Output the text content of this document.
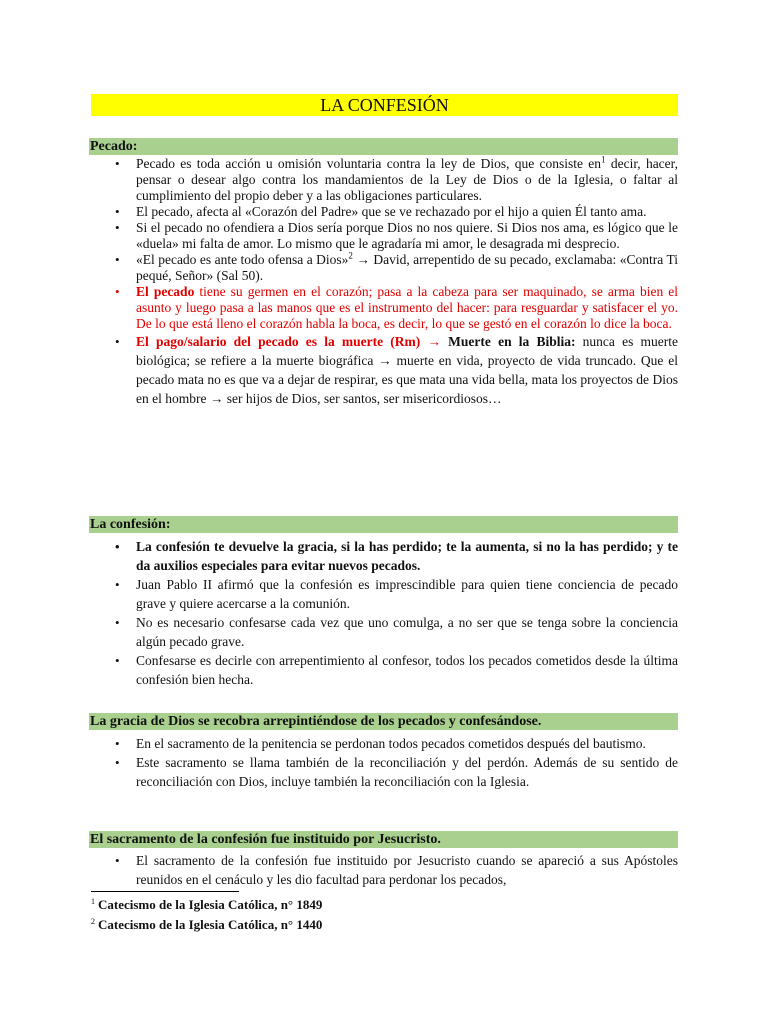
LA CONFESIÓN
Pecado:
• Pecado es toda acción u omisión voluntaria contra la ley de Dios, que consiste $en^1$ decir, hacer, pensar o desear algo contra los mandamientos de la Ley de Dios o de la Iglesia, o faltar al cumplimiento del propio deber y a las obligaciones particulares.
• El pecado, afecta al «Corazón del Padre» que se ve rechazado por el hijo a quien Él tanto ama.
• Si el pecado no ofendiera a Dios sería porque Dios no nos quiere. Si Dios nos ama, es lógico que le «duela» mi falta de amor. Lo mismo que le agradaría mi amor, le desagrada mi desprecio.
• «El pecado es ante todo ofensa a Dios»$^2$ → David, arrepentido de su pecado, exclamaba: «Contra Ti pequé, Señor» (Sal 50).
• El pecado tiene su germen en el corazón; pasa a la cabeza para ser maquinado, se arma bien el asunto y luego pasa a las manos que es el instrumento del hacer: para resguardar y satisfacer el yo. De lo que está lleno el corazón habla la boca, es decir, lo que se gestó en el corazón lo dice la boca.
• El pago/salario del pecado es la muerte (Rm) → Muerte en la Biblia: nunca es muerte biológica; se refiere a la muerte biográfica → muerte en vida, proyecto de vida truncado. Que el pecado mata no es que va a dejar de respirar, es que mata una vida bella, mata los proyectos de Dios en el hombre → ser hijos de Dios, ser santos, ser misericordiosos…
La confesión:
• La confesión te devuelve la gracia, si la has perdido; te la aumenta, si no la has perdido; y te da auxilios especiales para evitar nuevos pecados.
• Juan Pablo II afirmó que la confesión es imprescindible para quien tiene conciencia de pecado grave y quiere acercarse a la comunión.
• No es necesario confesarse cada vez que uno comulga, a no ser que se tenga sobre la conciencia algún pecado grave.
• Confesarse es decirle con arrepentimiento al confesor, todos los pecados cometidos desde la última confesión bien hecha.
La gracia de Dios se recobra arrepintiéndose de los pecados y confesándose.
• En el sacramento de la penitencia se perdonan todos pecados cometidos después del bautismo.
• Este sacramento se llama también de la reconciliación y del perdón. Además de su sentido de reconciliación con Dios, incluye también la reconciliación con la Iglesia.
El sacramento de la confesión fue instituido por Jesucristo.
• El sacramento de la confesión fue instituido por Jesucristo cuando se apareció a sus Apóstoles reunidos en el cenáculo y les dio facultad para perdonar los pecados,
$^1$ Catecismo de la Iglesia Católica, n° 1849
$^2$ Catecismo de la Iglesia Católica, n° 1440
